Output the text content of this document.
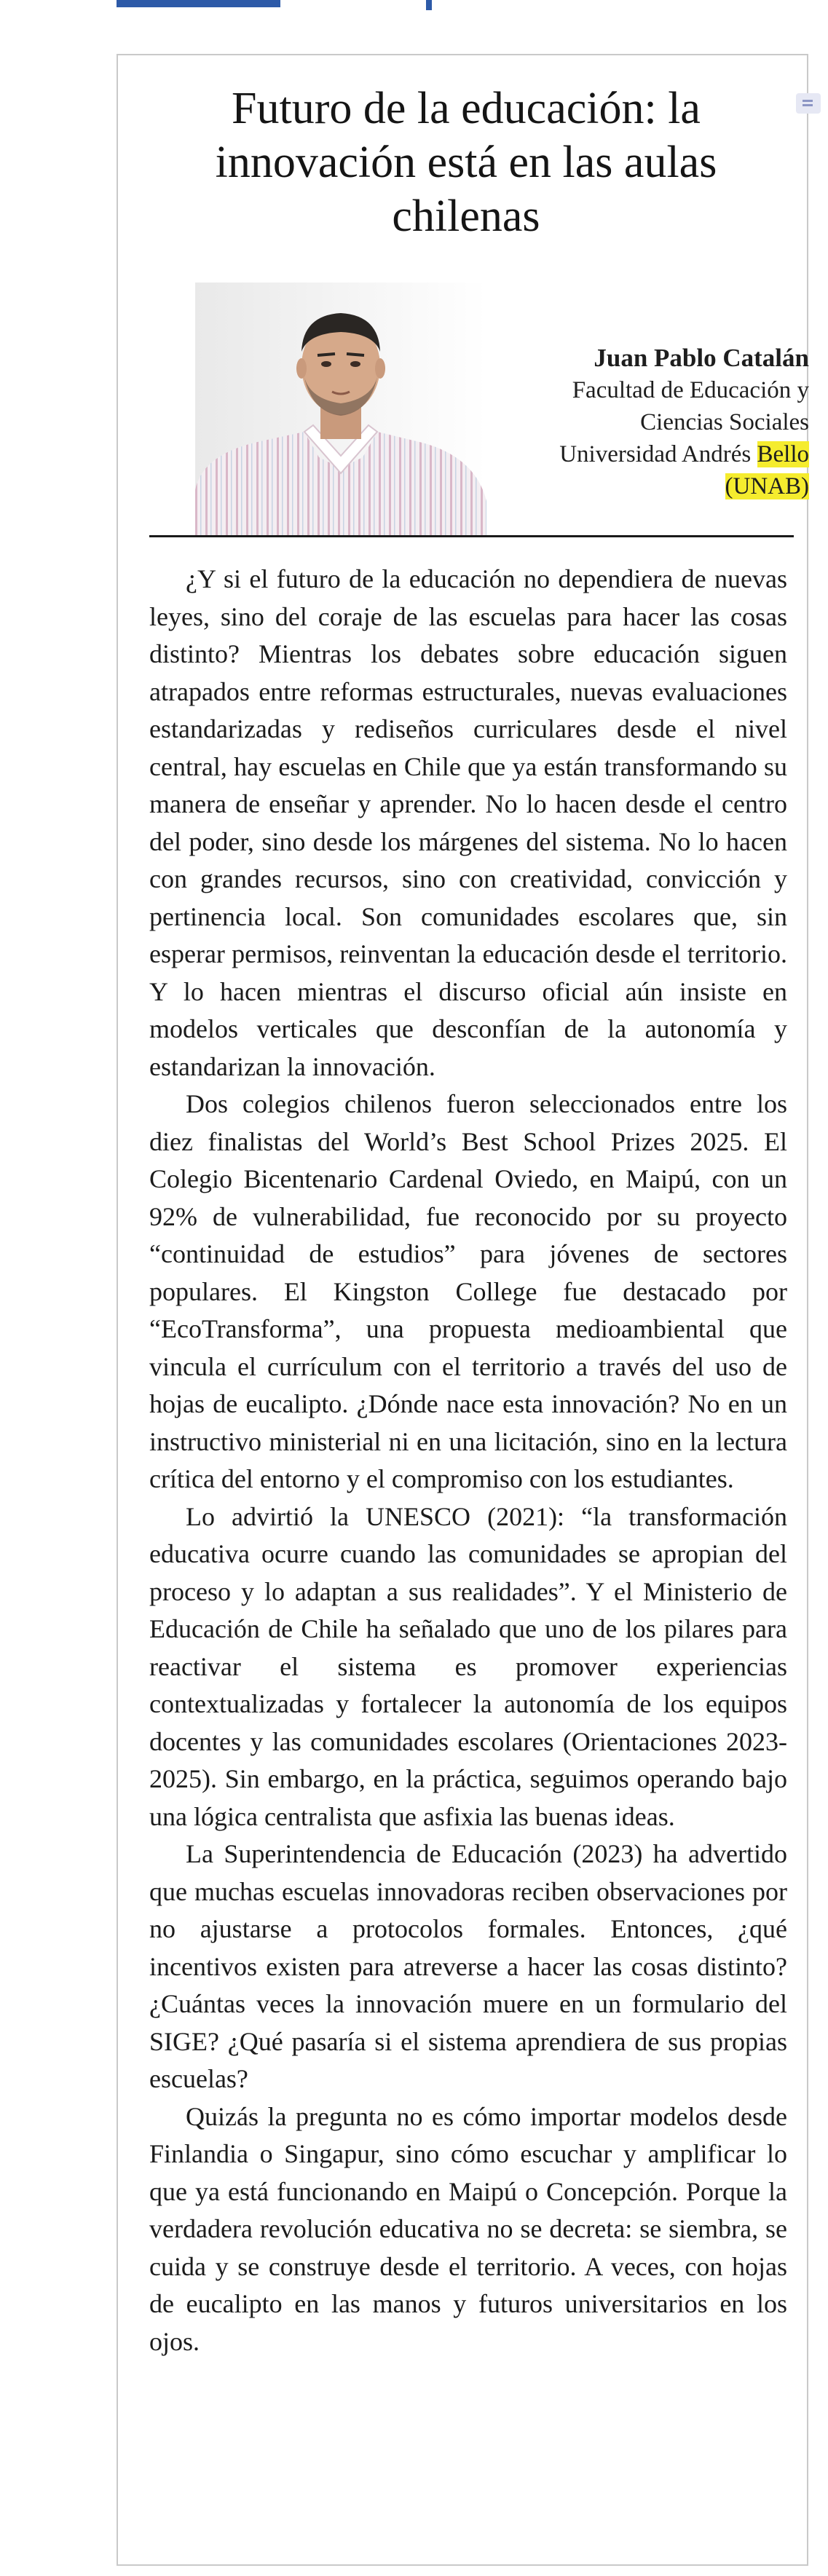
Futuro de la educación: la innovación está en las aulas chilenas
Juan Pablo Catalán
Facultad de Educación y
Ciencias Sociales
Universidad Andrés Bello
(UNAB)

¿Y si el futuro de la educación no dependiera de nuevas leyes, sino del coraje de las escuelas para hacer las cosas distinto? Mientras los debates sobre educación siguen atrapados entre reformas estructurales, nuevas evaluaciones estandarizadas y rediseños curriculares desde el nivel central, hay escuelas en Chile que ya están transformando su manera de enseñar y aprender. No lo hacen desde el centro del poder, sino desde los márgenes del sistema. No lo hacen con grandes recursos, sino con creatividad, convicción y pertinencia local. Son comunidades escolares que, sin esperar permisos, reinventan la educación desde el territorio. Y lo hacen mientras el discurso oficial aún insiste en modelos verticales que desconfían de la autonomía y estandarizan la innovación.

Dos colegios chilenos fueron seleccionados entre los diez finalistas del World’s Best School Prizes 2025. El Colegio Bicentenario Cardenal Oviedo, en Maipú, con un 92% de vulnerabilidad, fue reconocido por su proyecto “continuidad de estudios” para jóvenes de sectores populares. El Kingston College fue destacado por “EcoTransforma”, una propuesta medioambiental que vincula el currículum con el territorio a través del uso de hojas de eucalipto. ¿Dónde nace esta innovación? No en un instructivo ministerial ni en una licitación, sino en la lectura crítica del entorno y el compromiso con los estudiantes.

Lo advirtió la UNESCO (2021): “la transformación educativa ocurre cuando las comunidades se apropian del proceso y lo adaptan a sus realidades”. Y el Ministerio de Educación de Chile ha señalado que uno de los pilares para reactivar el sistema es promover experiencias contextualizadas y fortalecer la autonomía de los equipos docentes y las comunidades escolares (Orientaciones 2023-2025). Sin embargo, en la práctica, seguimos operando bajo una lógica centralista que asfixia las buenas ideas.

La Superintendencia de Educación (2023) ha advertido que muchas escuelas innovadoras reciben observaciones por no ajustarse a protocolos formales. Entonces, ¿qué incentivos existen para atreverse a hacer las cosas distinto? ¿Cuántas veces la innovación muere en un formulario del SIGE? ¿Qué pasaría si el sistema aprendiera de sus propias escuelas?

Quizás la pregunta no es cómo importar modelos desde Finlandia o Singapur, sino cómo escuchar y amplificar lo que ya está funcionando en Maipú o Concepción. Porque la verdadera revolución educativa no se decreta: se siembra, se cuida y se construye desde el territorio. A veces, con hojas de eucalipto en las manos y futuros universitarios en los ojos.
